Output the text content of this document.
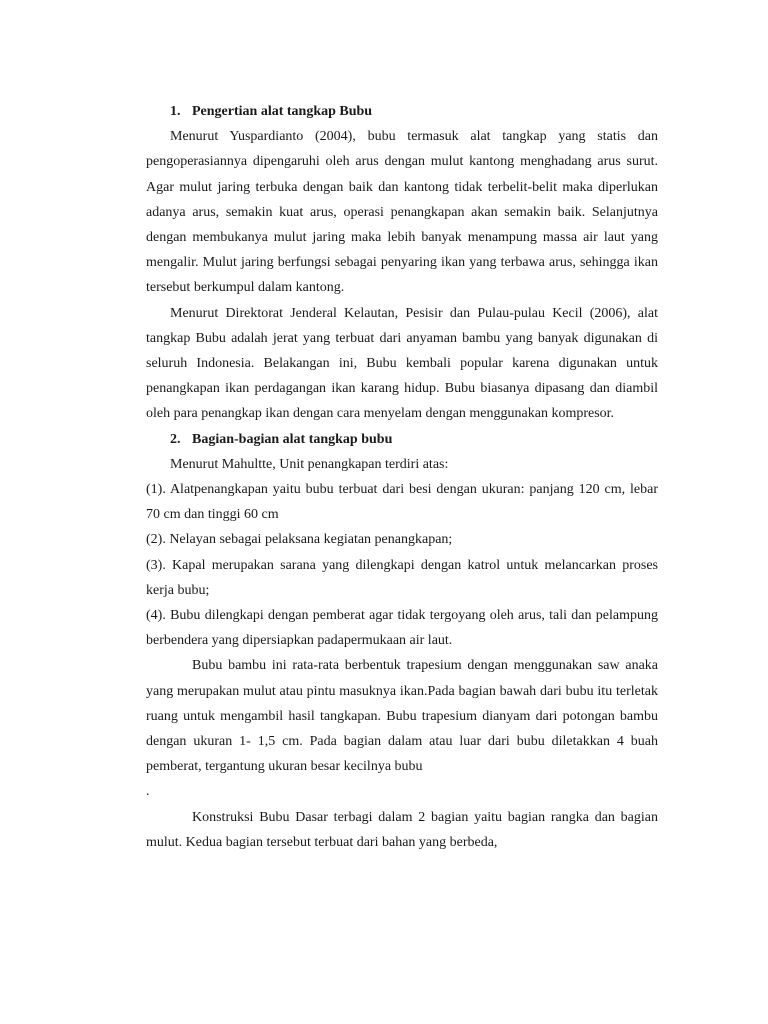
1. Pengertian alat tangkap Bubu

Menurut Yuspardianto (2004), bubu termasuk alat tangkap yang statis dan pengoperasiannya dipengaruhi oleh arus dengan mulut kantong menghadang arus surut. Agar mulut jaring terbuka dengan baik dan kantong tidak terbelit-belit maka diperlukan adanya arus, semakin kuat arus, operasi penangkapan akan semakin baik. Selanjutnya dengan membukanya mulut jaring maka lebih banyak menampung massa air laut yang mengalir. Mulut jaring berfungsi sebagai penyaring ikan yang terbawa arus, sehingga ikan tersebut berkumpul dalam kantong.

Menurut Direktorat Jenderal Kelautan, Pesisir dan Pulau-pulau Kecil (2006), alat tangkap Bubu adalah jerat yang terbuat dari anyaman bambu yang banyak digunakan di seluruh Indonesia. Belakangan ini, Bubu kembali popular karena digunakan untuk penangkapan ikan perdagangan ikan karang hidup. Bubu biasanya dipasang dan diambil oleh para penangkap ikan dengan cara menyelam dengan menggunakan kompresor.

2. Bagian-bagian alat tangkap bubu

Menurut Mahultte, Unit penangkapan terdiri atas:

(1). Alatpenangkapan yaitu bubu terbuat dari besi dengan ukuran: panjang 120 cm, lebar 70 cm dan tinggi 60 cm

(2). Nelayan sebagai pelaksana kegiatan penangkapan;

(3). Kapal merupakan sarana yang dilengkapi dengan katrol untuk melancarkan proses kerja bubu;

(4). Bubu dilengkapi dengan pemberat agar tidak tergoyang oleh arus, tali dan pelampung berbendera yang dipersiapkan padapermukaan air laut.

Bubu bambu ini rata-rata berbentuk trapesium dengan menggunakan saw anaka yang merupakan mulut atau pintu masuknya ikan.Pada bagian bawah dari bubu itu terletak ruang untuk mengambil hasil tangkapan. Bubu trapesium dianyam dari potongan bambu dengan ukuran 1- 1,5 cm. Pada bagian dalam atau luar dari bubu diletakkan 4 buah pemberat, tergantung ukuran besar kecilnya bubu

.

Konstruksi Bubu Dasar terbagi dalam 2 bagian yaitu bagian rangka dan bagian mulut. Kedua bagian tersebut terbuat dari bahan yang berbeda,
